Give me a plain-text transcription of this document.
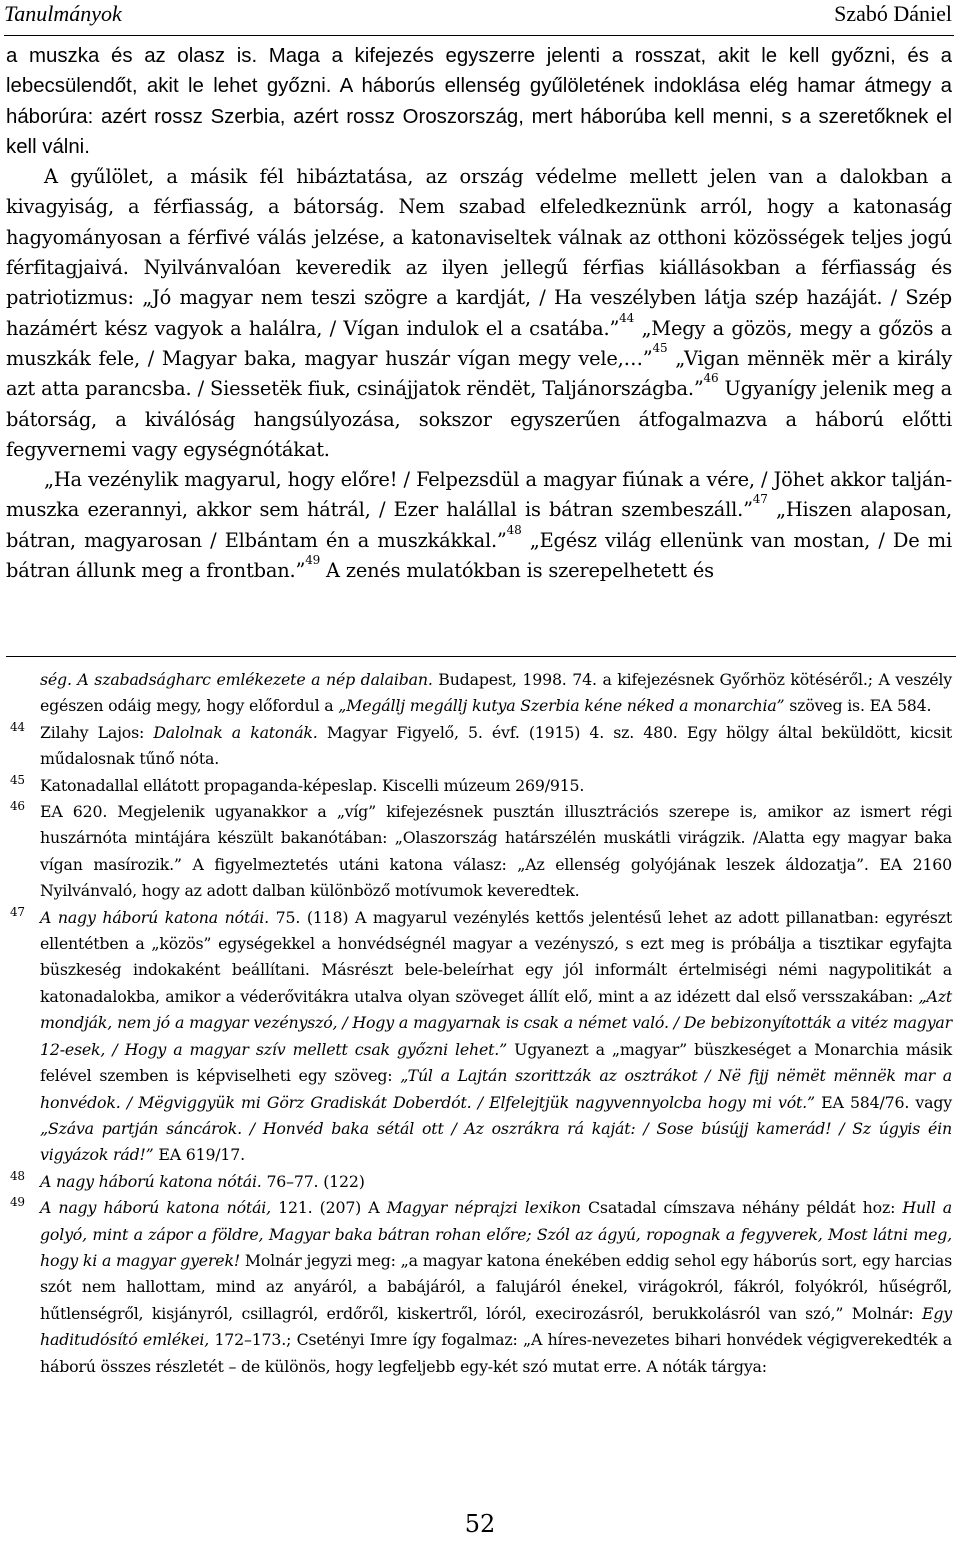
Tanulmányok	Szabó Dániel

a muszka és az olasz is. Maga a kifejezés egyszerre jelenti a rosszat, akit le kell győzni, és a lebecsülendőt, akit le lehet győzni. A háborús ellenség gyűlöletének indoklása elég hamar átmegy a háborúra: azért rossz Szerbia, azért rossz Oroszország, mert háborúba kell menni, s a szeretőknek el kell válni.

A gyűlölet, a másik fél hibáztatása, az ország védelme mellett jelen van a dalokban a kivagyiság, a férfiasság, a bátorság. Nem szabad elfeledkeznünk arról, hogy a katonaság hagyományosan a férfivé válás jelzése, a katonaviseltek válnak az otthoni közösségek teljes jogú férfitagjaivá. Nyilvánvalóan keveredik az ilyen jellegű férfias kiállásokban a férfiasság és patriotizmus: „Jó magyar nem teszi szögre a kardját, / Ha veszélyben látja szép hazáját. / Szép hazámért kész vagyok a halálra, / Vígan indulok el a csatába.”$^{44}$ „Megy a gözös, megy a gőzös a muszkák fele, / Magyar baka, magyar huszár vígan megy vele,…”$^{45}$ „Vigan mënnëk mër a király azt atta parancsba. / Siessetëk fiuk, csinájjatok rëndët, Taljánországba.”$^{46}$ Ugyanígy jelenik meg a bátorság, a kiválóság hangsúlyozása, sokszor egyszerűen átfogalmazva a háború előtti fegyvernemi vagy egységnótákat.

„Ha vezénylik magyarul, hogy előre! / Felpezsdül a magyar fiúnak a vére, / Jöhet akkor talján-muszka ezerannyi, akkor sem hátrál, / Ezer halállal is bátran szembeszáll.”$^{47}$ „Hiszen alaposan, bátran, magyarosan / Elbántam én a muszkákkal.”$^{48}$ „Egész világ ellenünk van mostan, / De mi bátran állunk meg a frontban.”$^{49}$ A zenés mulatókban is szerepelhetett és

ség. A szabadságharc emlékezete a nép dalaiban. Budapest, 1998. 74. a kifejezésnek Győrhöz kötéséről.; A veszély egészen odáig megy, hogy előfordul a „Megállj megállj kutya Szerbia kéne néked a monarchia” szöveg is. EA 584.
44 Zilahy Lajos: Dalolnak a katonák. Magyar Figyelő, 5. évf. (1915) 4. sz. 480. Egy hölgy által beküldött, kicsit műdalosnak tűnő nóta.
45 Katonadallal ellátott propaganda-képeslap. Kiscelli múzeum 269/915.
46 EA 620. Megjelenik ugyanakkor a „víg” kifejezésnek pusztán illusztrációs szerepe is, amikor az ismert régi huszárnóta mintájára készült bakanótában: „Olaszország határszélén muskátli virágzik. /Alatta egy magyar baka vígan masírozik.” A figyelmeztetés utáni katona válasz: „Az ellenség golyójának leszek áldozatja”. EA 2160 Nyilvánvaló, hogy az adott dalban különböző motívumok keveredtek.
47 A nagy háború katona nótái. 75. (118) A magyarul vezénylés kettős jelentésű lehet az adott pillanatban: egyrészt ellentétben a „közös” egységekkel a honvédségnél magyar a vezényszó, s ezt meg is próbálja a tisztikar egyfajta büszkeség indokaként beállítani. Másrészt bele-beleírhat egy jól informált értelmiségi némi nagypolitikát a katonadalokba, amikor a véderővitákra utalva olyan szöveget állít elő, mint a az idézett dal első versszakában: „Azt mondják, nem jó a magyar vezényszó, / Hogy a magyarnak is csak a német való. / De bebizonyították a vitéz magyar 12-esek, / Hogy a magyar szív mellett csak győzni lehet.” Ugyanezt a „magyar” büszkeséget a Monarchia másik felével szemben is képviselheti egy szöveg: „Túl a Lajtán szorittzák az osztrákot / Në fijj nëmët mënnëk mar a honvédok. / Mëgviggyük mi Görz Gradiskát Doberdót. / Elfelejtjük nagyvennyolcba hogy mi vót.” EA 584/76. vagy „Száva partján sáncárok. / Honvéd baka sétál ott / Az oszrákra rá kaját: / Sose búsújj kamerád! / Sz úgyis éin vigyázok rád!” EA 619/17.
48 A nagy háború katona nótái. 76–77. (122)
49 A nagy háború katona nótái, 121. (207) A Magyar néprajzi lexikon Csatadal címszava néhány példát hoz: Hull a golyó, mint a zápor a földre, Magyar baka bátran rohan előre; Szól az ágyú, ropognak a fegyverek, Most látni meg, hogy ki a magyar gyerek! Molnár jegyzi meg: „a magyar katona énekében eddig sehol egy háborús sort, egy harcias szót nem hallottam, mind az anyáról, a babájáról, a falujáról énekel, virágokról, fákról, folyókról, hűségről, hűtlenségről, kisjányról, csillagról, erdőről, kiskertről, lóról, execirozásról, berukkolásról van szó,” Molnár: Egy haditudósító emlékei, 172–173.; Csetényi Imre így fogalmaz: „A híres-nevezetes bihari honvédek végigverekedték a háború összes részletét – de különös, hogy legfeljebb egy-két szó mutat erre. A nóták tárgya:
52
